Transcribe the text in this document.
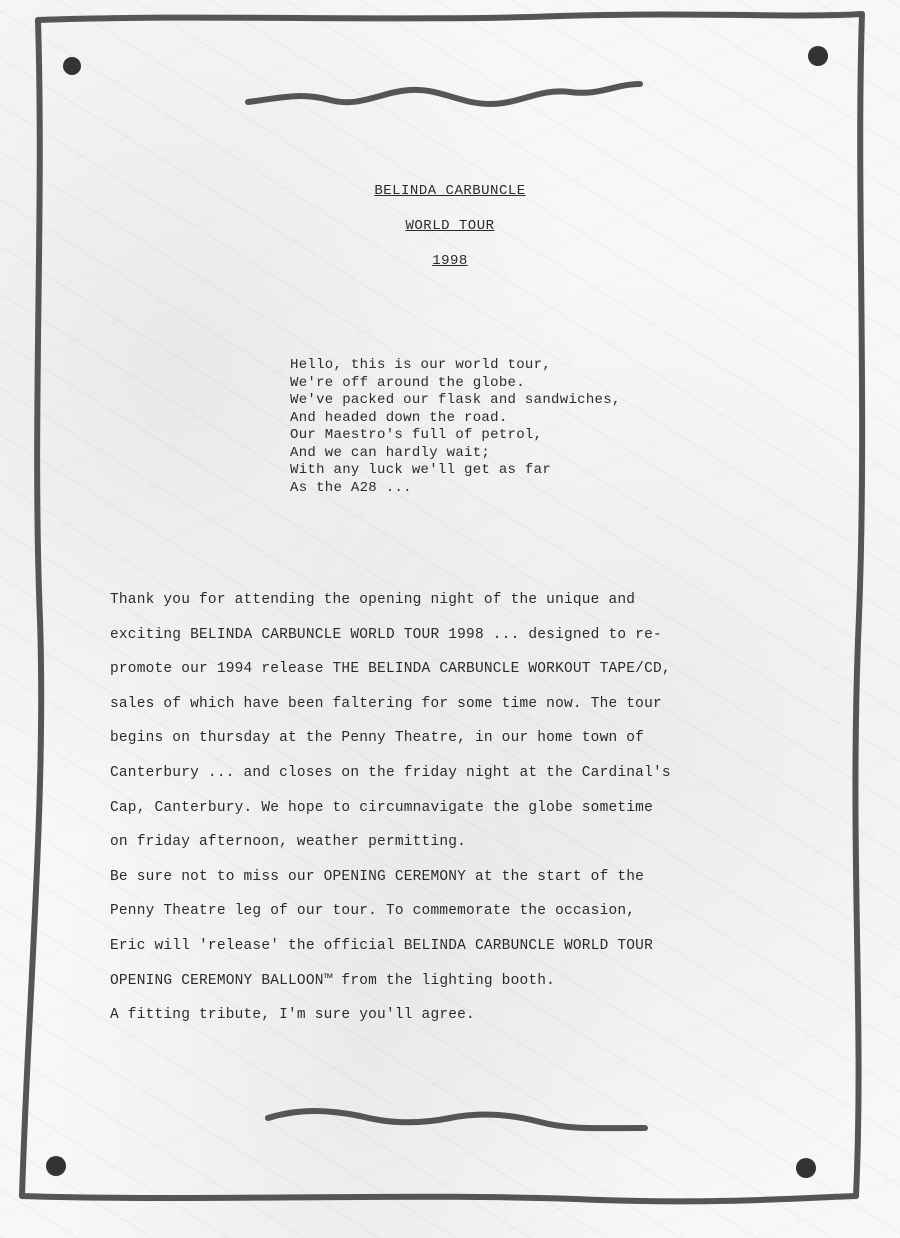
BELINDA CARBUNCLE
WORLD TOUR
1998
Hello, this is our world tour,
We're off around the globe.
We've packed our flask and sandwiches,
And headed down the road.
Our Maestro's full of petrol,
And we can hardly wait;
With any luck we'll get as far
As the A28 ...
Thank you for attending the opening night of the unique and
exciting BELINDA CARBUNCLE WORLD TOUR 1998 ... designed to re-
promote our 1994 release THE BELINDA CARBUNCLE WORKOUT TAPE/CD,
sales of which have been faltering for some time now. The tour
begins on thursday at the Penny Theatre, in our home town of
Canterbury ... and closes on the friday night at the Cardinal's
Cap, Canterbury. We hope to circumnavigate the globe sometime
on friday afternoon, weather permitting.
Be sure not to miss our OPENING CEREMONY at the start of the
Penny Theatre leg of our tour. To commemorate the occasion,
Eric will 'release' the official BELINDA CARBUNCLE WORLD TOUR
OPENING CEREMONY BALLOON™ from the lighting booth.
A fitting tribute, I'm sure you'll agree.
